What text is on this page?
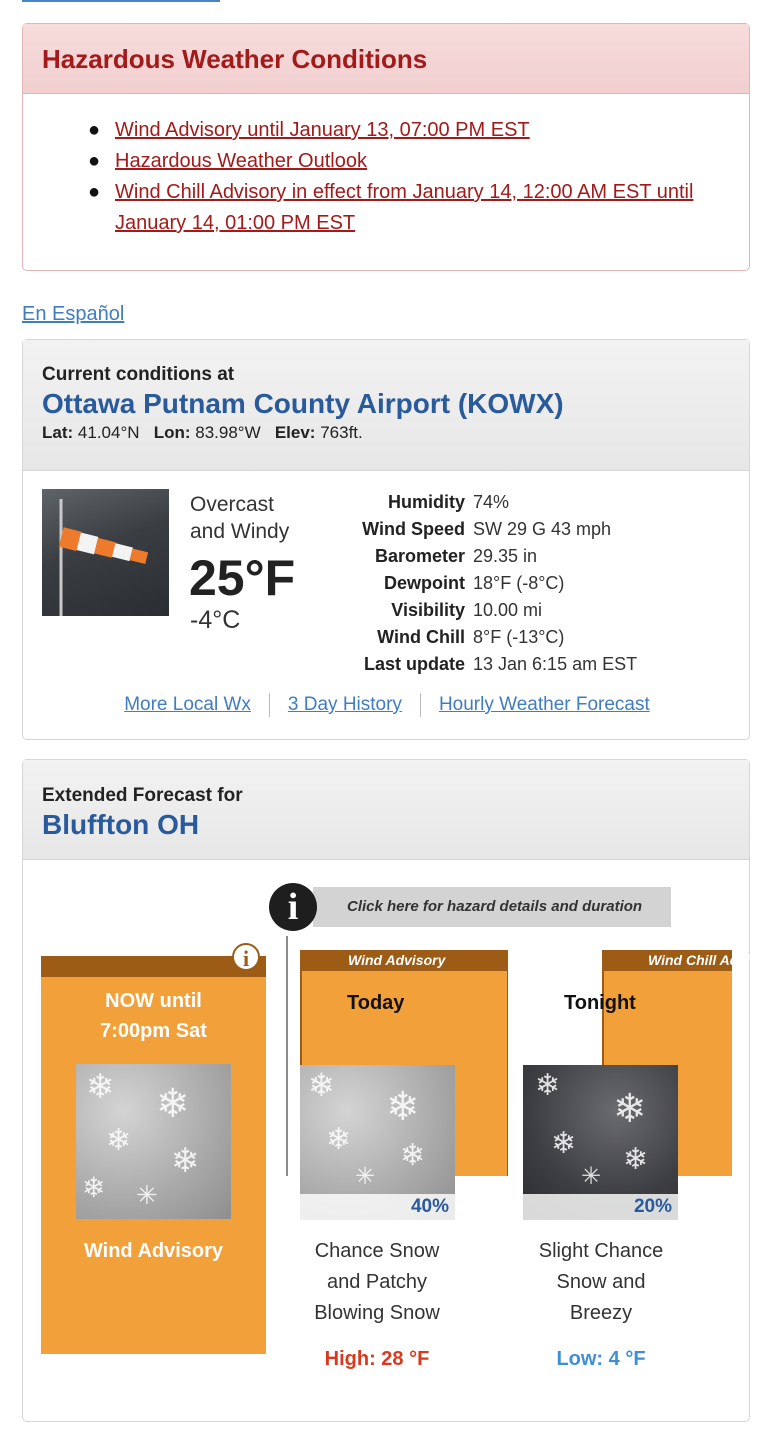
Hazardous Weather Conditions
● Wind Advisory until January 13, 07:00 PM EST
● Hazardous Weather Outlook
● Wind Chill Advisory in effect from January 14, 12:00 AM EST until January 14, 01:00 PM EST
En Español
Current conditions at
Ottawa Putnam County Airport (KOWX)
Lat: 41.04°N Lon: 83.98°W Elev: 763ft.
Overcast
and Windy
25°F
-4°C
Humidity 74%
Wind Speed SW 29 G 43 mph
Barometer 29.35 in
Dewpoint 18°F (-8°C)
Visibility 10.00 mi
Wind Chill 8°F (-13°C)
Last update 13 Jan 6:15 am EST
More Local Wx 3 Day History Hourly Weather Forecast
Extended Forecast for
Bluffton OH
Click here for hazard details and duration
i
i
NOW until
7:00pm Sat
❄ ❄
❄
❄
❄ ✳
Wind Advisory
Wind Advisory	Wind Chill Advisory
Today	Tonight
❄ ❄
❄ ❄
✳
40%
❄
❄
❄ ❄
✳
20%
Chance Snow
and Patchy
Blowing Snow
Slight Chance
Snow and
Breezy
High: 28 °F	Low: 4 °F
